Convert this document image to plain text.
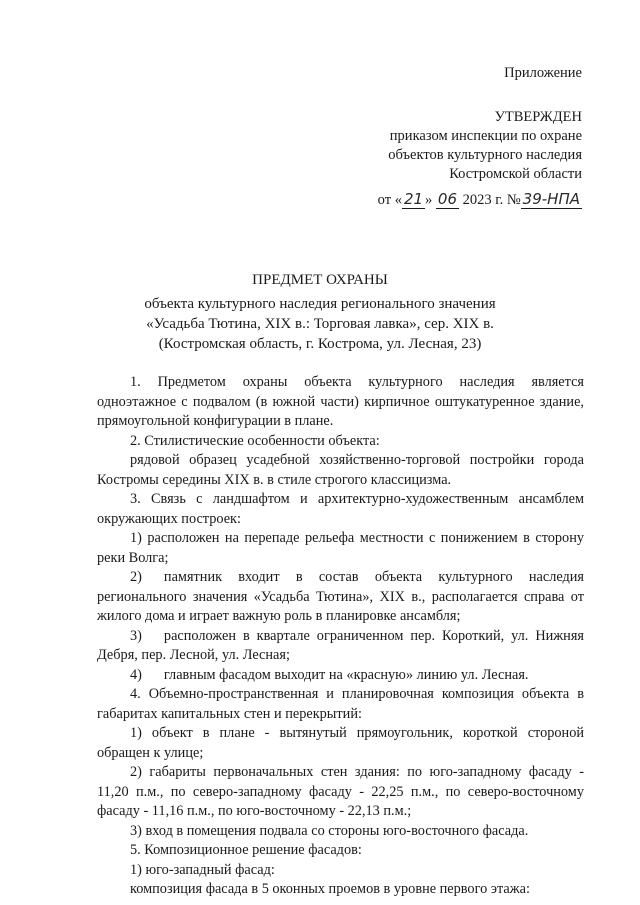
Приложение
УТВЕРЖДЕН
приказом инспекции по охране
объектов культурного наследия
Костромской области
от « 21 » 06 2023 г. № 39-НПА
ПРЕДМЕТ ОХРАНЫ
объекта культурного наследия регионального значения
«Усадьба Тютина, XIX в.: Торговая лавка», сер. XIX в.
(Костромская область, г. Кострома, ул. Лесная, 23)

1. Предметом охраны объекта культурного наследия является одноэтажное с подвалом (в южной части) кирпичное оштукатуренное здание, прямоугольной конфигурации в плане.

2. Стилистические особенности объекта:

рядовой образец усадебной хозяйственно-торговой постройки города Костромы середины XIX в. в стиле строгого классицизма.

3. Связь с ландшафтом и архитектурно-художественным ансамблем окружающих построек:

1) расположен на перепаде рельефа местности с понижением в сторону реки Волга;

2) памятник входит в состав объекта культурного наследия регионального значения «Усадьба Тютина», XIX в., располагается справа от жилого дома и играет важную роль в планировке ансамбля;

3) расположен в квартале ограниченном пер. Короткий, ул. Нижняя Дебря, пер. Лесной, ул. Лесная;

4) главным фасадом выходит на «красную» линию ул. Лесная.

4. Объемно-пространственная и планировочная композиция объекта в габаритах капитальных стен и перекрытий:

1) объект в плане - вытянутый прямоугольник, короткой стороной обращен к улице;

2) габариты первоначальных стен здания: по юго-западному фасаду - 11,20 п.м., по северо-западному фасаду - 22,25 п.м., по северо-восточному фасаду - 11,16 п.м., по юго-восточному - 22,13 п.м.;

3) вход в помещения подвала со стороны юго-восточного фасада.

5. Композиционное решение фасадов:

1) юго-западный фасад:

композиция фасада в 5 оконных проемов в уровне первого этажа:
